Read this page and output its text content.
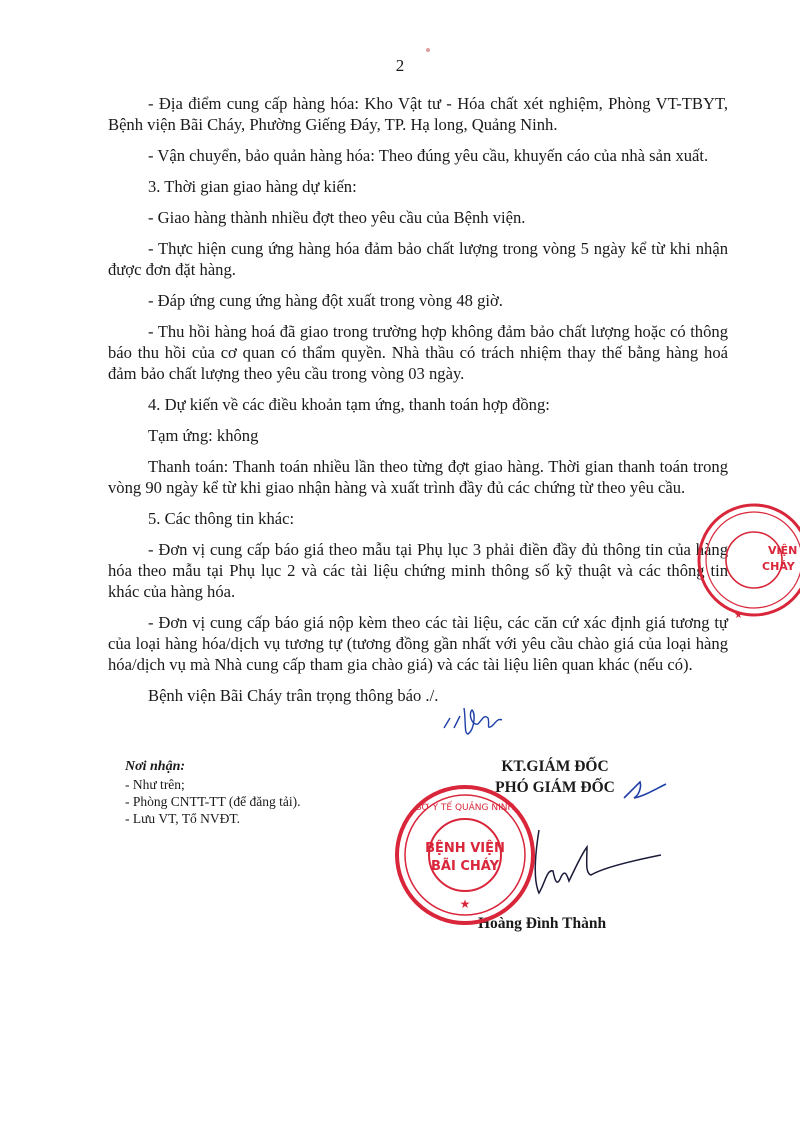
2

- Địa điểm cung cấp hàng hóa: Kho Vật tư - Hóa chất xét nghiệm, Phòng VT-TBYT, Bệnh viện Bãi Cháy, Phường Giếng Đáy, TP. Hạ long, Quảng Ninh.

- Vận chuyển, bảo quản hàng hóa: Theo đúng yêu cầu, khuyến cáo của nhà sản xuất.

3. Thời gian giao hàng dự kiến:

- Giao hàng thành nhiều đợt theo yêu cầu của Bệnh viện.

- Thực hiện cung ứng hàng hóa đảm bảo chất lượng trong vòng 5 ngày kể từ khi nhận được đơn đặt hàng.

- Đáp ứng cung ứng hàng đột xuất trong vòng 48 giờ.

- Thu hồi hàng hoá đã giao trong trường hợp không đảm bảo chất lượng hoặc có thông báo thu hồi của cơ quan có thẩm quyền. Nhà thầu có trách nhiệm thay thế bằng hàng hoá đảm bảo chất lượng theo yêu cầu trong vòng 03 ngày.

4. Dự kiến về các điều khoản tạm ứng, thanh toán hợp đồng:

Tạm ứng: không

Thanh toán: Thanh toán nhiều lần theo từng đợt giao hàng. Thời gian thanh toán trong vòng 90 ngày kể từ khi giao nhận hàng và xuất trình đầy đủ các chứng từ theo yêu cầu.

5. Các thông tin khác:

- Đơn vị cung cấp báo giá theo mẫu tại Phụ lục 3 phải điền đầy đủ thông tin của hàng hóa theo mẫu tại Phụ lục 2 và các tài liệu chứng minh thông số kỹ thuật và các thông tin khác của hàng hóa.

- Đơn vị cung cấp báo giá nộp kèm theo các tài liệu, các căn cứ xác định giá tương tự của loại hàng hóa/dịch vụ tương tự (tương đồng gần nhất với yêu cầu chào giá của loại hàng hóa/dịch vụ mà Nhà cung cấp tham gia chào giá) và các tài liệu liên quan khác (nếu có).

Bệnh viện Bãi Cháy trân trọng thông báo ./.

Nơi nhận:
- Như trên;
- Phòng CNTT-TT (để đăng tải).
- Lưu VT, Tổ NVĐT.
KT.GIÁM ĐỐC
PHÓ GIÁM ĐỐC
Hoàng Đình Thành
SỞ Y TẾ QUẢNG NINH
BỆNH VIỆN
BÃI CHÁY
★
VIỆN
CHÁY
★
